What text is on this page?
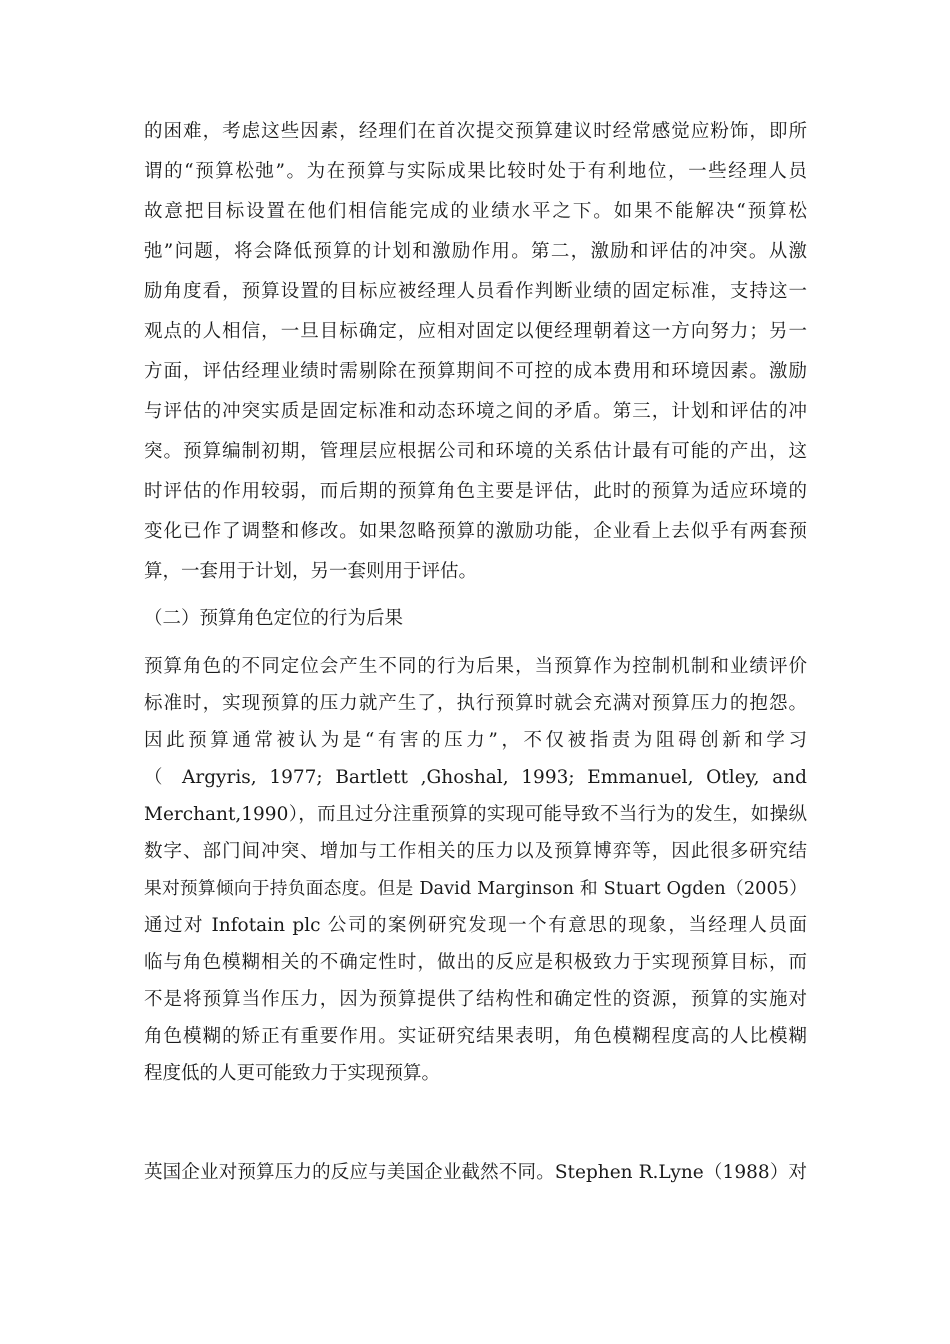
的困难，考虑这些因素，经理们在首次提交预算建议时经常感觉应粉饰，即所
谓的“预算松弛”。为在预算与实际成果比较时处于有利地位，一些经理人员
故意把目标设置在他们相信能完成的业绩水平之下。如果不能解决“预算松
弛”问题，将会降低预算的计划和激励作用。第二，激励和评估的冲突。从激
励角度看，预算设置的目标应被经理人员看作判断业绩的固定标准，支持这一
观点的人相信，一旦目标确定，应相对固定以便经理朝着这一方向努力；另一
方面，评估经理业绩时需剔除在预算期间不可控的成本费用和环境因素。激励
与评估的冲突实质是固定标准和动态环境之间的矛盾。第三，计划和评估的冲
突。预算编制初期，管理层应根据公司和环境的关系估计最有可能的产出，这
时评估的作用较弱，而后期的预算角色主要是评估，此时的预算为适应环境的
变化已作了调整和修改。如果忽略预算的激励功能，企业看上去似乎有两套预
算，一套用于计划，另一套则用于评估。
（二）预算角色定位的行为后果
预算角色的不同定位会产生不同的行为后果，当预算作为控制机制和业绩评价
标准时，实现预算的压力就产生了，执行预算时就会充满对预算压力的抱怨。
因此预算通常被认为是“有害的压力”，不仅被指责为阻碍创新和学习
（ Argyris, 1977; Bartlett ,Ghoshal, 1993; Emmanuel, Otley, and
Merchant,1990），而且过分注重预算的实现可能导致不当行为的发生，如操纵
数字、部门间冲突、增加与工作相关的压力以及预算博弈等，因此很多研究结
果对预算倾向于持负面态度。但是 David Marginson 和 Stuart Ogden（2005）
通过对 Infotain plc 公司的案例研究发现一个有意思的现象，当经理人员面
临与角色模糊相关的不确定性时，做出的反应是积极致力于实现预算目标，而
不是将预算当作压力，因为预算提供了结构性和确定性的资源，预算的实施对
角色模糊的矫正有重要作用。实证研究结果表明，角色模糊程度高的人比模糊
程度低的人更可能致力于实现预算。
英国企业对预算压力的反应与美国企业截然不同。Stephen R.Lyne（1988）对
